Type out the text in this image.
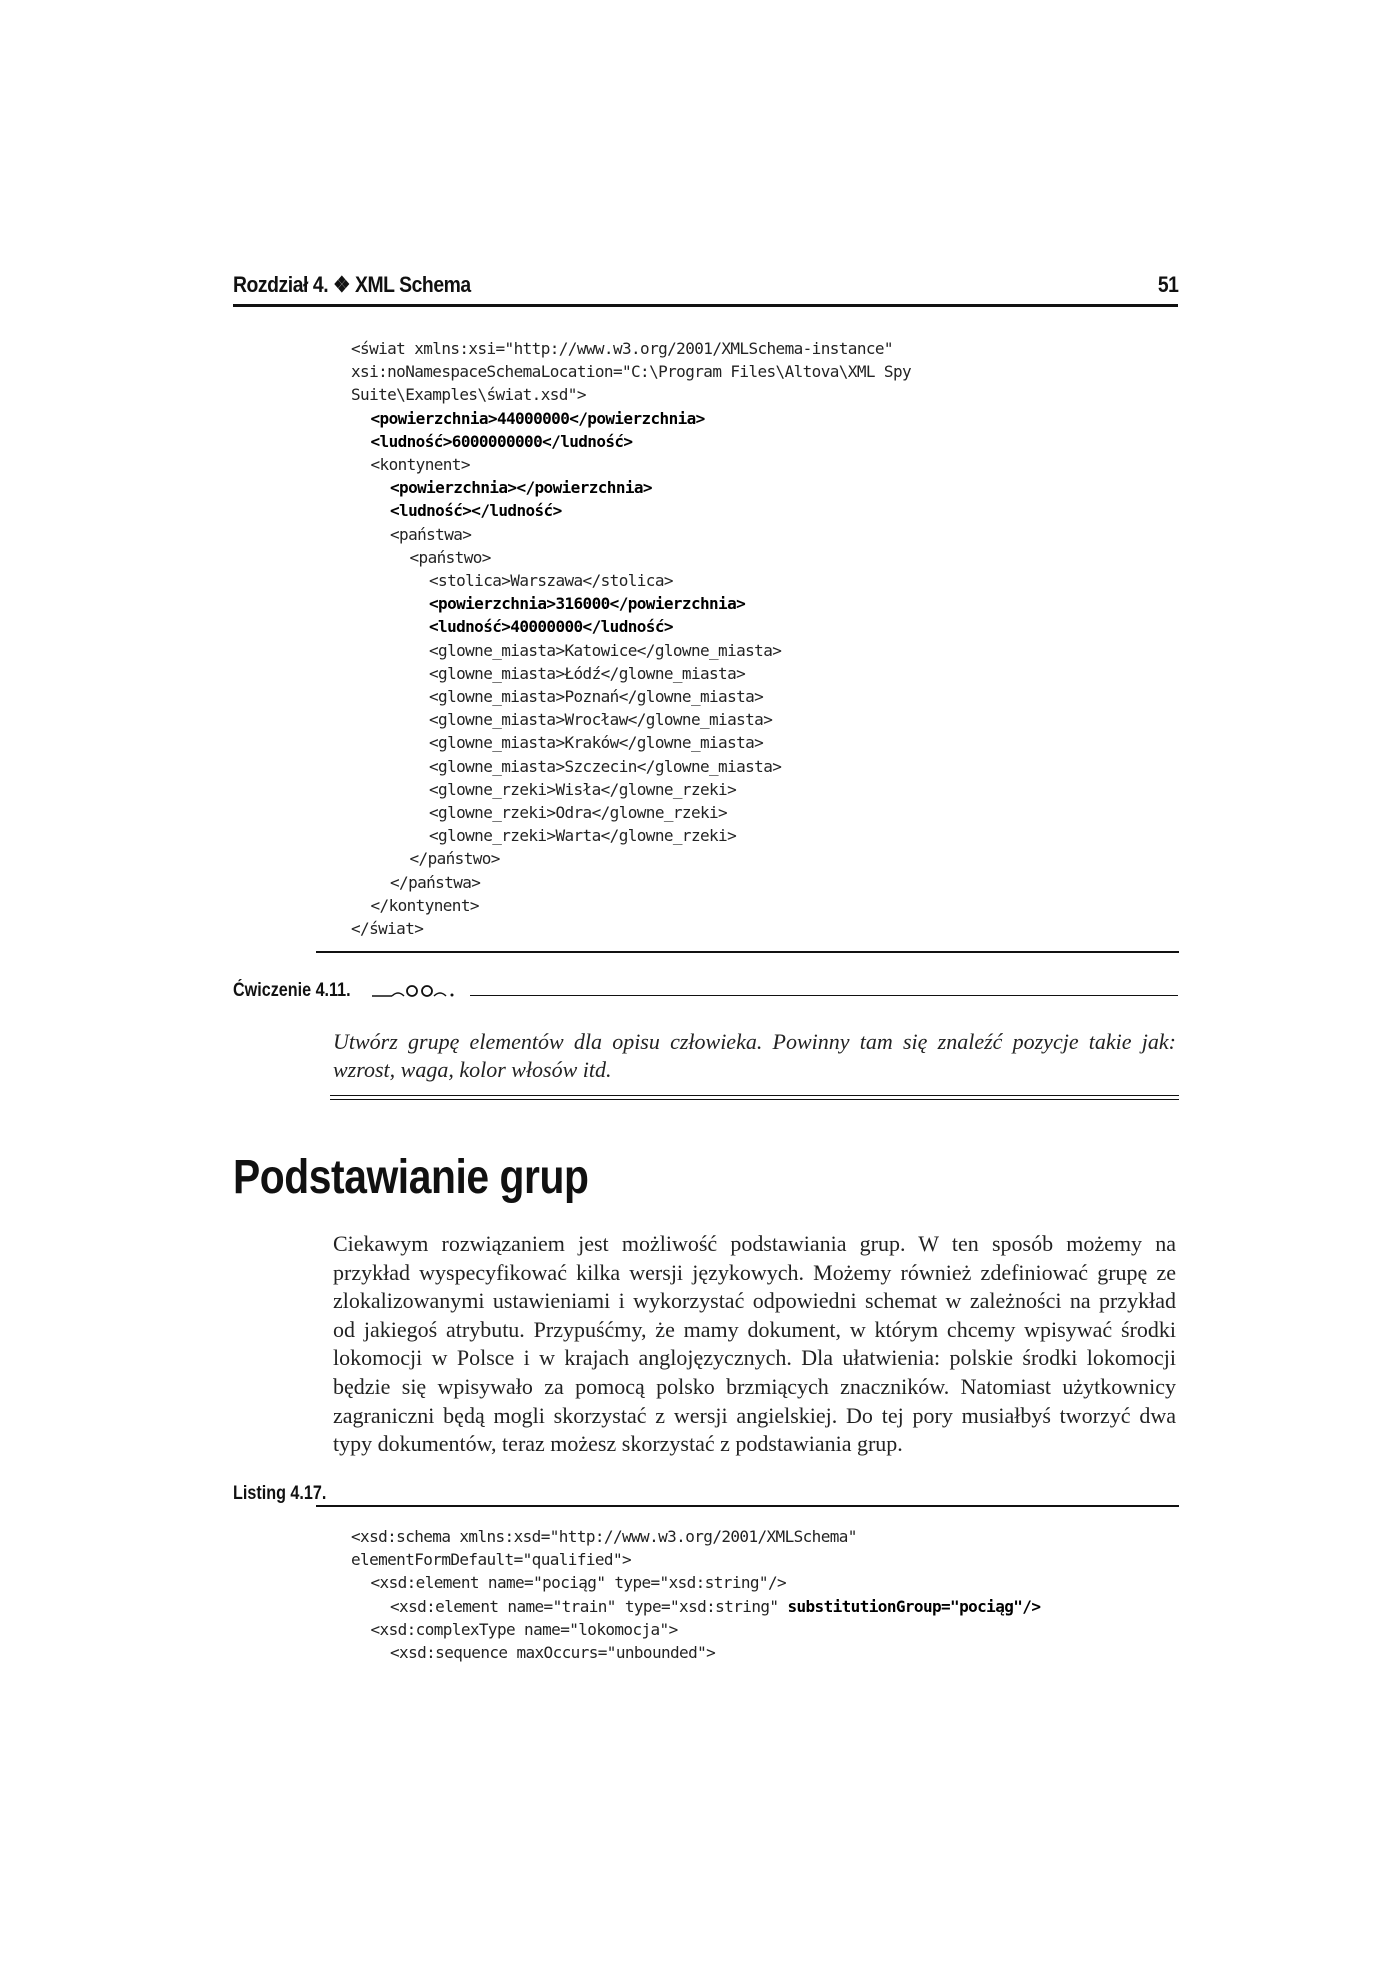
Rozdział 4. ❖ XML Schema	51
<świat xmlns:xsi="http://www.w3.org/2001/XMLSchema-instance"
xsi:noNamespaceSchemaLocation="C:\Program Files\Altova\XML Spy
Suite\Examples\świat.xsd">
<powierzchnia>44000000</powierzchnia>
<ludność>6000000000</ludność>
<kontynent>
<powierzchnia></powierzchnia>
<ludność></ludność>
<państwa>
<państwo>
<stolica>Warszawa</stolica>
<powierzchnia>316000</powierzchnia>
<ludność>40000000</ludność>
<glowne_miasta>Katowice</glowne_miasta>
<glowne_miasta>Łódź</glowne_miasta>
<glowne_miasta>Poznań</glowne_miasta>
<glowne_miasta>Wrocław</glowne_miasta>
<glowne_miasta>Kraków</glowne_miasta>
<glowne_miasta>Szczecin</glowne_miasta>
<glowne_rzeki>Wisła</glowne_rzeki>
<glowne_rzeki>Odra</glowne_rzeki>
<glowne_rzeki>Warta</glowne_rzeki>
</państwo>
</państwa>
</kontynent>
</świat>
Ćwiczenie 4.11.
Utwórz grupę elementów dla opisu człowieka. Powinny tam się znaleźć pozycje takie jak: wzrost, waga, kolor włosów itd.
Podstawianie grup
Ciekawym rozwiązaniem jest możliwość podstawiania grup. W ten sposób możemy na przykład wyspecyfikować kilka wersji językowych. Możemy również zdefiniować grupę ze zlokalizowanymi ustawieniami i wykorzystać odpowiedni schemat w zależności na przykład od jakiegoś atrybutu. Przypuśćmy, że mamy dokument, w którym chcemy wpisywać środki lokomocji w Polsce i w krajach anglojęzycznych. Dla ułatwienia: polskie środki lokomocji będzie się wpisywało za pomocą polsko brzmiących znaczników. Natomiast użytkownicy zagraniczni będą mogli skorzystać z wersji angielskiej. Do tej pory musiałbyś tworzyć dwa typy dokumentów, teraz możesz skorzystać z podstawiania grup.
Listing 4.17.
<xsd:schema xmlns:xsd="http://www.w3.org/2001/XMLSchema"
elementFormDefault="qualified">
<xsd:element name="pociąg" type="xsd:string"/>
<xsd:element name="train" type="xsd:string" substitutionGroup="pociąg"/>
<xsd:complexType name="lokomocja">
<xsd:sequence maxOccurs="unbounded">
